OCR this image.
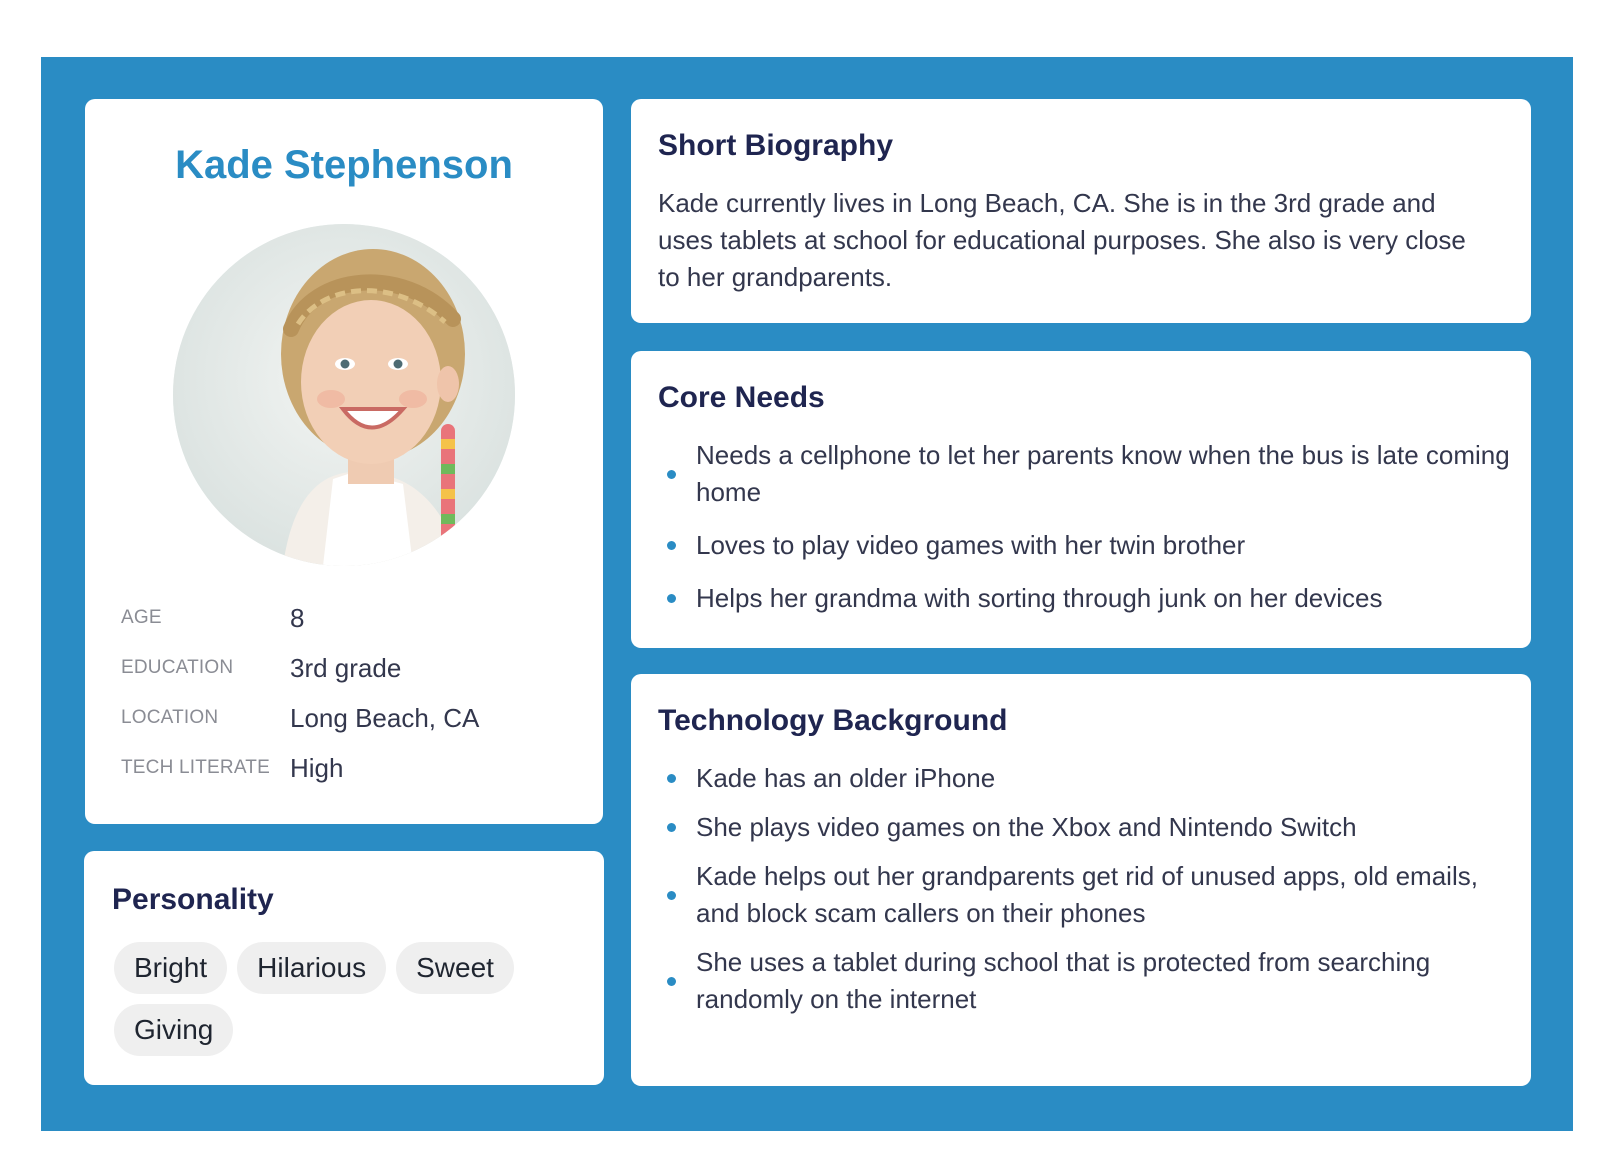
Kade Stephenson
AGE	8
EDUCATION	3rd grade
LOCATION	Long Beach, CA
TECH LITERATE High
Personality
Bright	Hilarious	Sweet
Giving
Short Biography
Kade currently lives in Long Beach, CA. She is in the 3rd grade and uses tablets at school for educational purposes. She also is very close to her grandparents.
Core Needs
Needs a cellphone to let her parents know when the bus is late coming home
Loves to play video games with her twin brother
Helps her grandma with sorting through junk on her devices
Technology Background
Kade has an older iPhone
She plays video games on the Xbox and Nintendo Switch
Kade helps out her grandparents get rid of unused apps, old emails, and block scam callers on their phones
She uses a tablet during school that is protected from searching randomly on the internet
